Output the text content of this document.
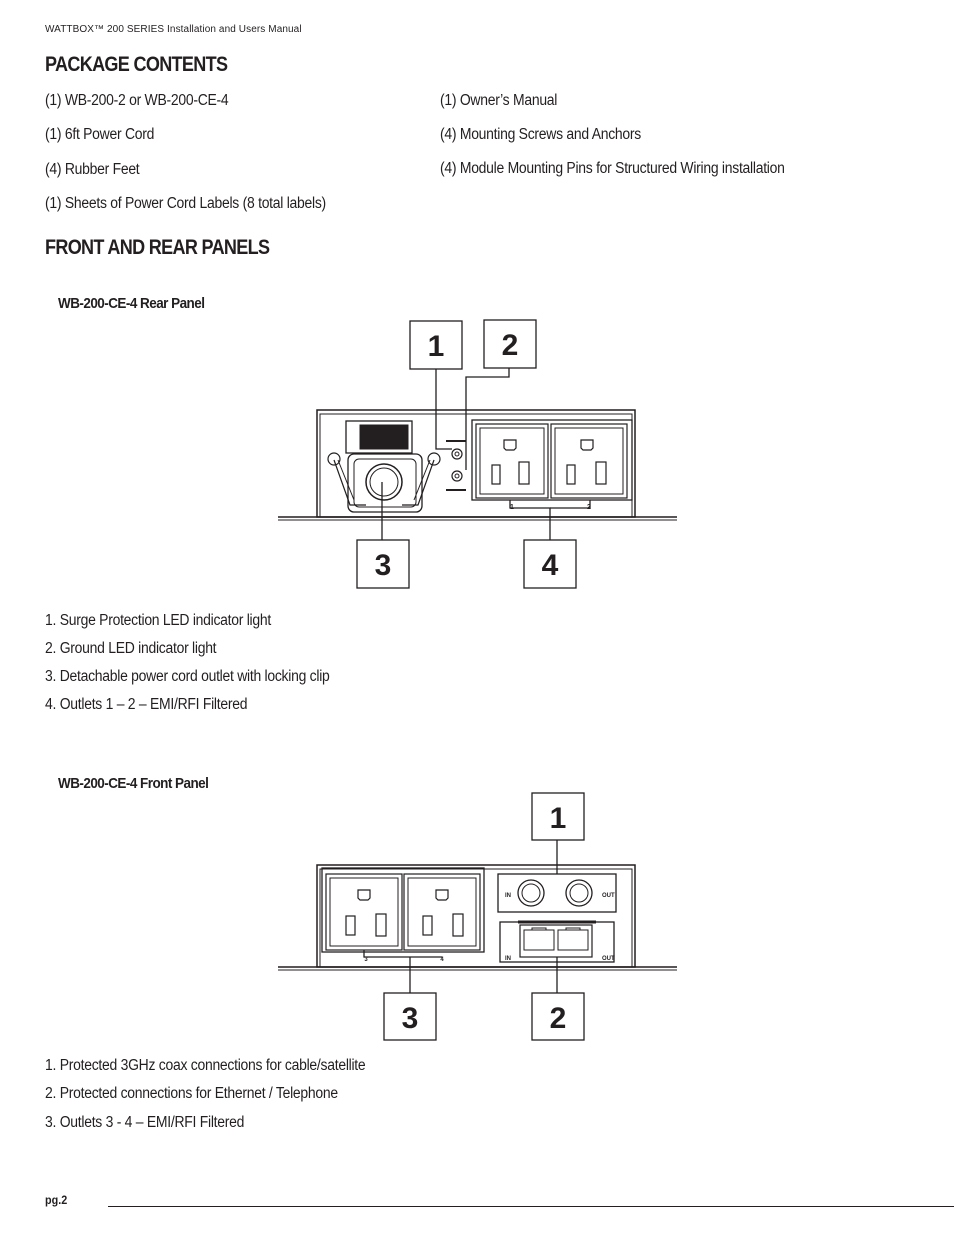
WATTBOX™ 200 SERIES Installation and Users Manual
PACKAGE CONTENTS
(1) WB-200-2 or WB-200-CE-4
(1) 6ft Power Cord
(4) Rubber Feet
(1) Sheets of Power Cord Labels (8 total labels)
(1) Owner’s Manual
(4) Mounting Screws and Anchors
(4) Module Mounting Pins for Structured Wiring installation
FRONT AND REAR PANELS
WB-200-CE-4 Rear Panel
1 2
3	4
1	2
1. Surge Protection LED indicator light
2. Ground LED indicator light
3. Detachable power cord outlet with locking clip
4. Outlets 1 – 2 – EMI/RFI Filtered
WB-200-CE-4 Front Panel
1
2
3
3	4
IN	OUT
IN	OUT
1. Protected 3GHz coax connections for cable/satellite
2. Protected connections for Ethernet / Telephone
3. Outlets 3 - 4 – EMI/RFI Filtered
pg.2
